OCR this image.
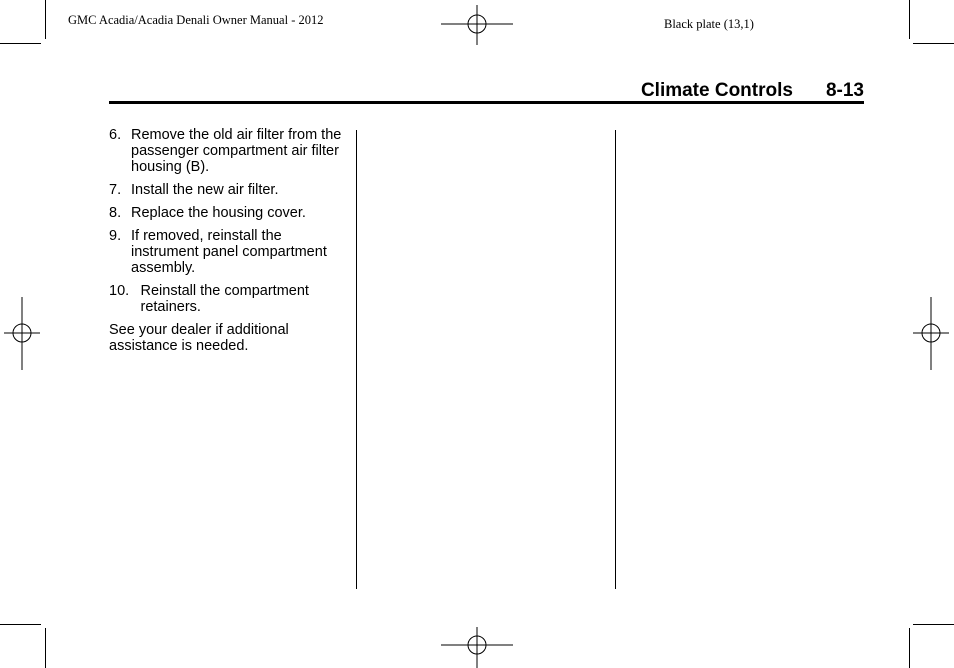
GMC Acadia/Acadia Denali Owner Manual - 2012	Black plate (13,1)
Climate Controls 8-13
6. Remove the old air filter from the passenger compartment air filter housing (B).
7. Install the new air filter.
8. Replace the housing cover.
9. If removed, reinstall the instrument panel compartment assembly.
10. Reinstall the compartment retainers.
See your dealer if additional assistance is needed.
